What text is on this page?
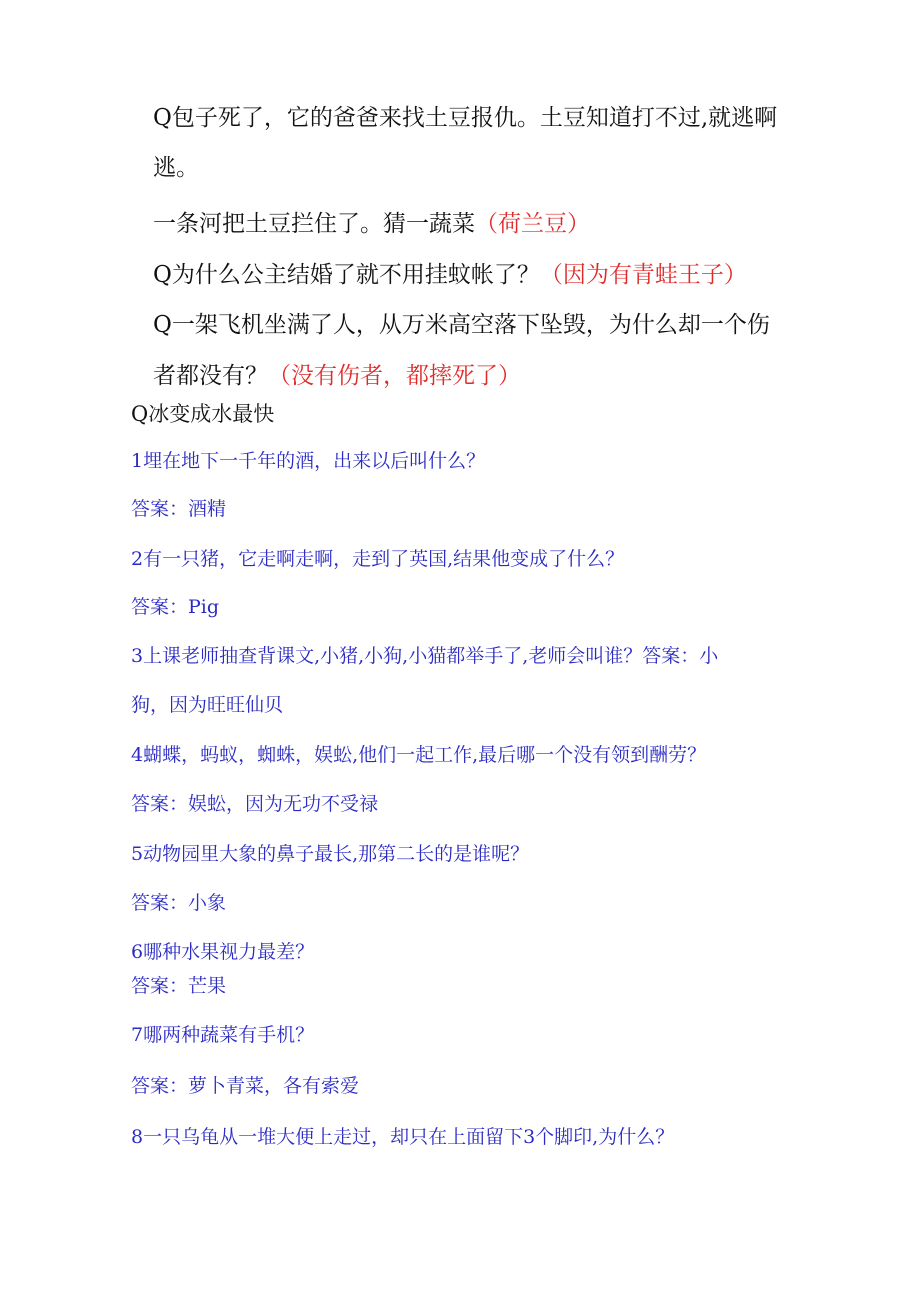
Q包子死了，它的爸爸来找土豆报仇。土豆知道打不过,就逃啊
逃。
一条河把土豆拦住了。猜一蔬菜（荷兰豆）
Q为什么公主结婚了就不用挂蚊帐了？（因为有青蛙王子）
Q一架飞机坐满了人，从万米高空落下坠毁，为什么却一个伤
者都没有？（没有伤者，都摔死了）
Q冰变成水最快
1埋在地下一千年的酒，出来以后叫什么？
答案：酒精
2有一只猪，它走啊走啊，走到了英国,结果他变成了什么？
答案：Pig
3上课老师抽查背课文,小猪,小狗,小猫都举手了,老师会叫谁？答案：小
狗，因为旺旺仙贝
4蝴蝶，蚂蚁，蜘蛛，娱蚣,他们一起工作,最后哪一个没有领到酬劳？
答案：娱蚣，因为无功不受禄
5动物园里大象的鼻子最长,那第二长的是谁呢？
答案：小象
6哪种水果视力最差？
答案：芒果
7哪两种蔬菜有手机？
答案：萝卜青菜，各有索爱
8一只乌龟从一堆大便上走过，却只在上面留下3个脚印,为什么？
